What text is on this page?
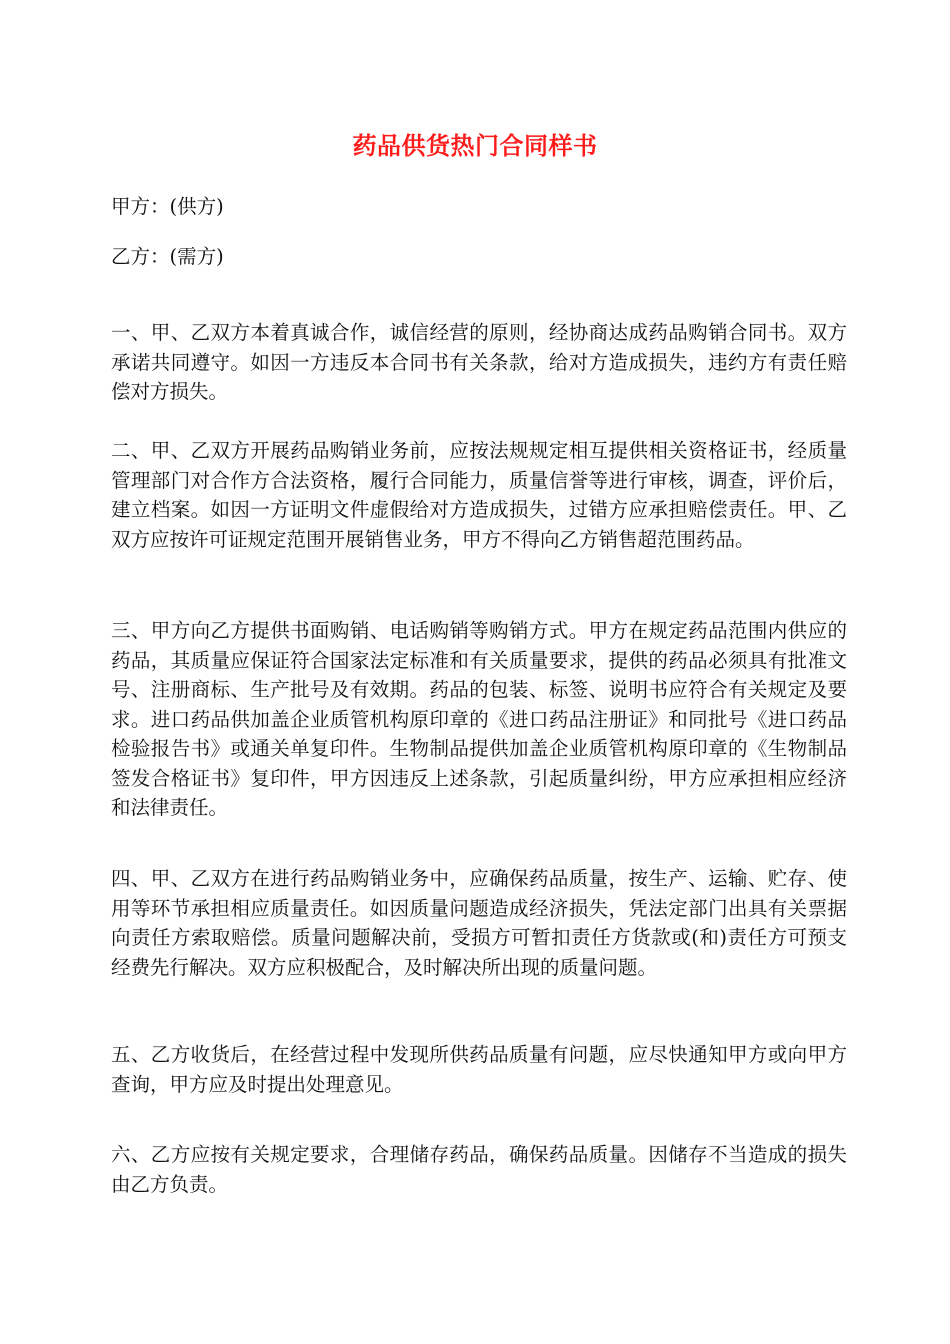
药品供货热门合同样书

甲方：(供方)

乙方：(需方)

一、甲、乙双方本着真诚合作，诚信经营的原则，经协商达成药品购销合同书。双方承诺共同遵守。如因一方违反本合同书有关条款，给对方造成损失，违约方有责任赔偿对方损失。

二、甲、乙双方开展药品购销业务前，应按法规规定相互提供相关资格证书，经质量管理部门对合作方合法资格，履行合同能力，质量信誉等进行审核，调查，评价后，建立档案。如因一方证明文件虚假给对方造成损失，过错方应承担赔偿责任。甲、乙双方应按许可证规定范围开展销售业务，甲方不得向乙方销售超范围药品。

三、甲方向乙方提供书面购销、电话购销等购销方式。甲方在规定药品范围内供应的药品，其质量应保证符合国家法定标准和有关质量要求，提供的药品必须具有批准文号、注册商标、生产批号及有效期。药品的包装、标签、说明书应符合有关规定及要求。进口药品供加盖企业质管机构原印章的《进口药品注册证》和同批号《进口药品检验报告书》或通关单复印件。生物制品提供加盖企业质管机构原印章的《生物制品签发合格证书》复印件，甲方因违反上述条款，引起质量纠纷，甲方应承担相应经济和法律责任。

四、甲、乙双方在进行药品购销业务中，应确保药品质量，按生产、运输、贮存、使用等环节承担相应质量责任。如因质量问题造成经济损失，凭法定部门出具有关票据向责任方索取赔偿。质量问题解决前，受损方可暂扣责任方货款或(和)责任方可预支经费先行解决。双方应积极配合，及时解决所出现的质量问题。

五、乙方收货后，在经营过程中发现所供药品质量有问题，应尽快通知甲方或向甲方查询，甲方应及时提出处理意见。

六、乙方应按有关规定要求，合理储存药品，确保药品质量。因储存不当造成的损失由乙方负责。
